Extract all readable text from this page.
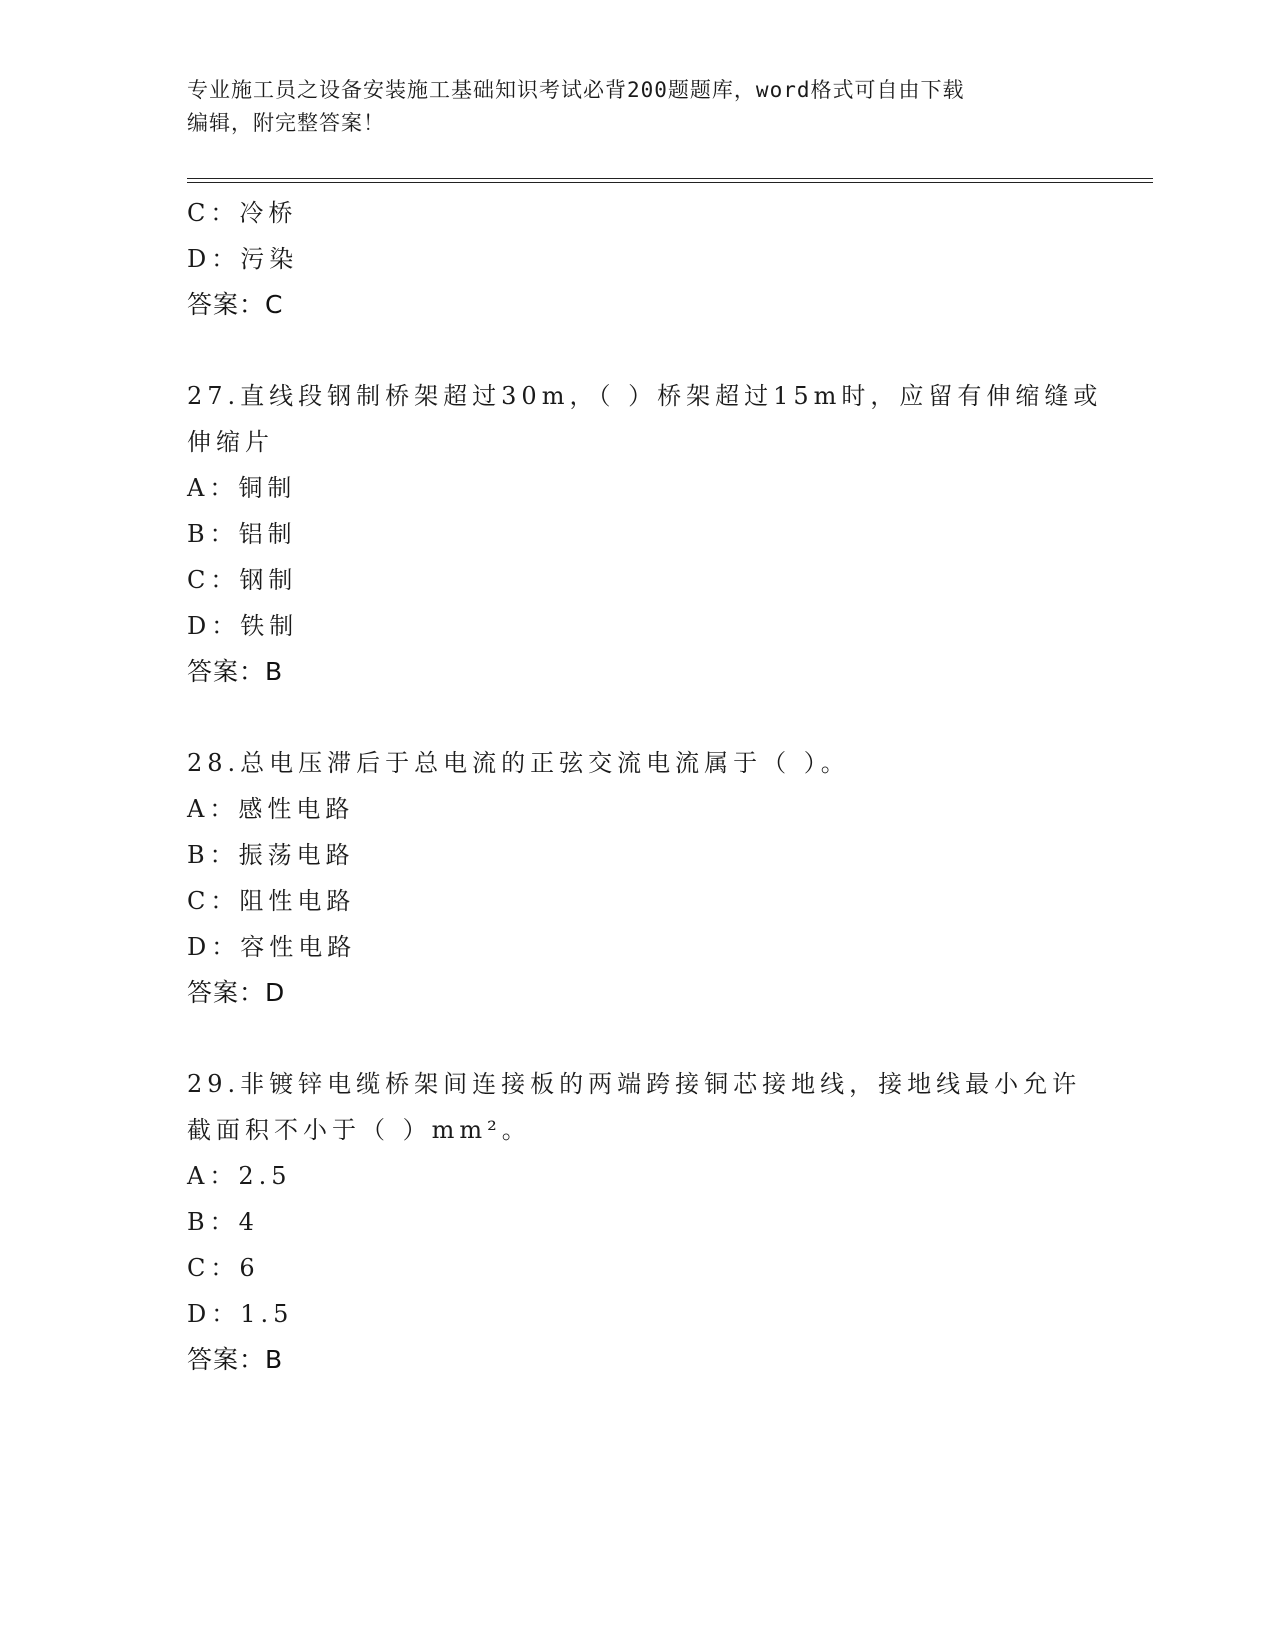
专业施工员之设备安装施工基础知识考试必背200题题库，word格式可自由下载
编辑，附完整答案！
C：冷桥
D：污染
答案：C
27.直线段钢制桥架超过30m，（ ）桥架超过15m时，应留有伸缩缝或
伸缩片
A：铜制
B：铝制
C：钢制
D：铁制
答案：B
28.总电压滞后于总电流的正弦交流电流属于（ ）。
A：感性电路
B：振荡电路
C：阻性电路
D：容性电路
答案：D
29.非镀锌电缆桥架间连接板的两端跨接铜芯接地线，接地线最小允许
截面积不小于（ ）mm²。
A：2.5
B：4
C：6
D：1.5
答案：B
